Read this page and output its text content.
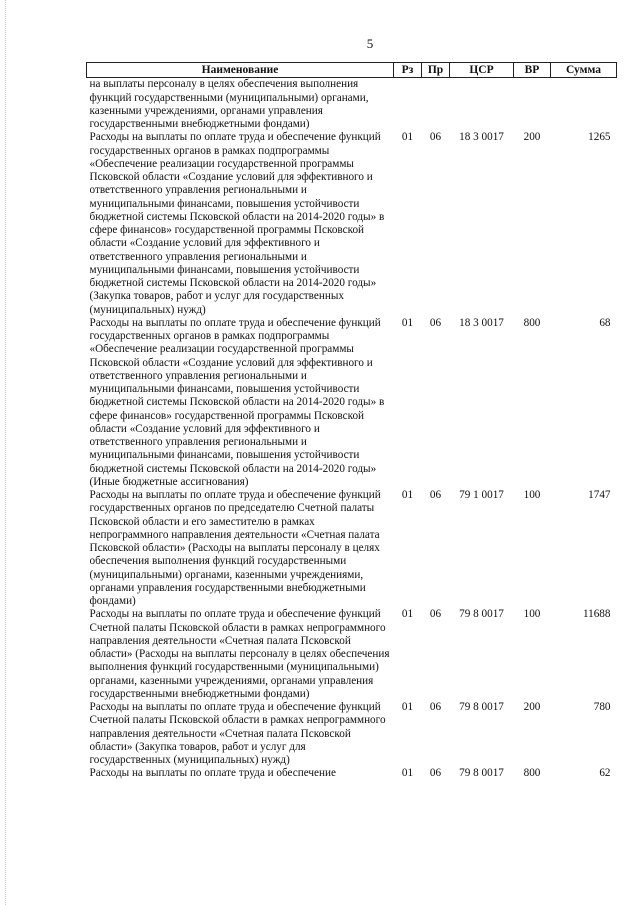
5
Наименование	Рз	Пр	ЦСР	ВР	Сумма
на выплаты персоналу в целях обеспечения выполнения функций государственными (муниципальными) органами, казенными учреждениями, органами управления государственными внебюджетными фондами)					
Расходы на выплаты по оплате труда и обеспечение функций государственных органов в рамках подпрограммы «Обеспечение реализации государственной программы Псковской области «Создание условий для эффективного и ответственного управления региональными и муниципальными финансами, повышения устойчивости бюджетной системы Псковской области на 2014-2020 годы» в сфере финансов» государственной программы Псковской области «Создание условий для эффективного и ответственного управления региональными и муниципальными финансами, повышения устойчивости бюджетной системы Псковской области на 2014-2020 годы» (Закупка товаров, работ и услуг для государственных (муниципальных) нужд)	01	06	18 3 0017	200	1265
Расходы на выплаты по оплате труда и обеспечение функций государственных органов в рамках подпрограммы «Обеспечение реализации государственной программы Псковской области «Создание условий для эффективного и ответственного управления региональными и муниципальными финансами, повышения устойчивости бюджетной системы Псковской области на 2014-2020 годы» в сфере финансов» государственной программы Псковской области «Создание условий для эффективного и ответственного управления региональными и муниципальными финансами, повышения устойчивости бюджетной системы Псковской области на 2014-2020 годы» (Иные бюджетные ассигнования)	01	06	18 3 0017	800	68
Расходы на выплаты по оплате труда и обеспечение функций государственных органов по председателю Счетной палаты Псковской области и его заместителю в рамках непрограммного направления деятельности «Счетная палата Псковской области» (Расходы на выплаты персоналу в целях обеспечения выполнения функций государственными (муниципальными) органами, казенными учреждениями, органами управления государственными внебюджетными фондами)	01	06	79 1 0017	100	1747
Расходы на выплаты по оплате труда и обеспечение функций Счетной палаты Псковской области в рамках непрограммного направления деятельности «Счетная палата Псковской области» (Расходы на выплаты персоналу в целях обеспечения выполнения функций государственными (муниципальными) органами, казенными учреждениями, органами управления государственными внебюджетными фондами)	01	06	79 8 0017	100	11688
Расходы на выплаты по оплате труда и обеспечение функций Счетной палаты Псковской области в рамках непрограммного направления деятельности «Счетная палата Псковской области» (Закупка товаров, работ и услуг для государственных (муниципальных) нужд)	01	06	79 8 0017	200	780
Расходы на выплаты по оплате труда и обеспечение	01	06	79 8 0017	800	62
